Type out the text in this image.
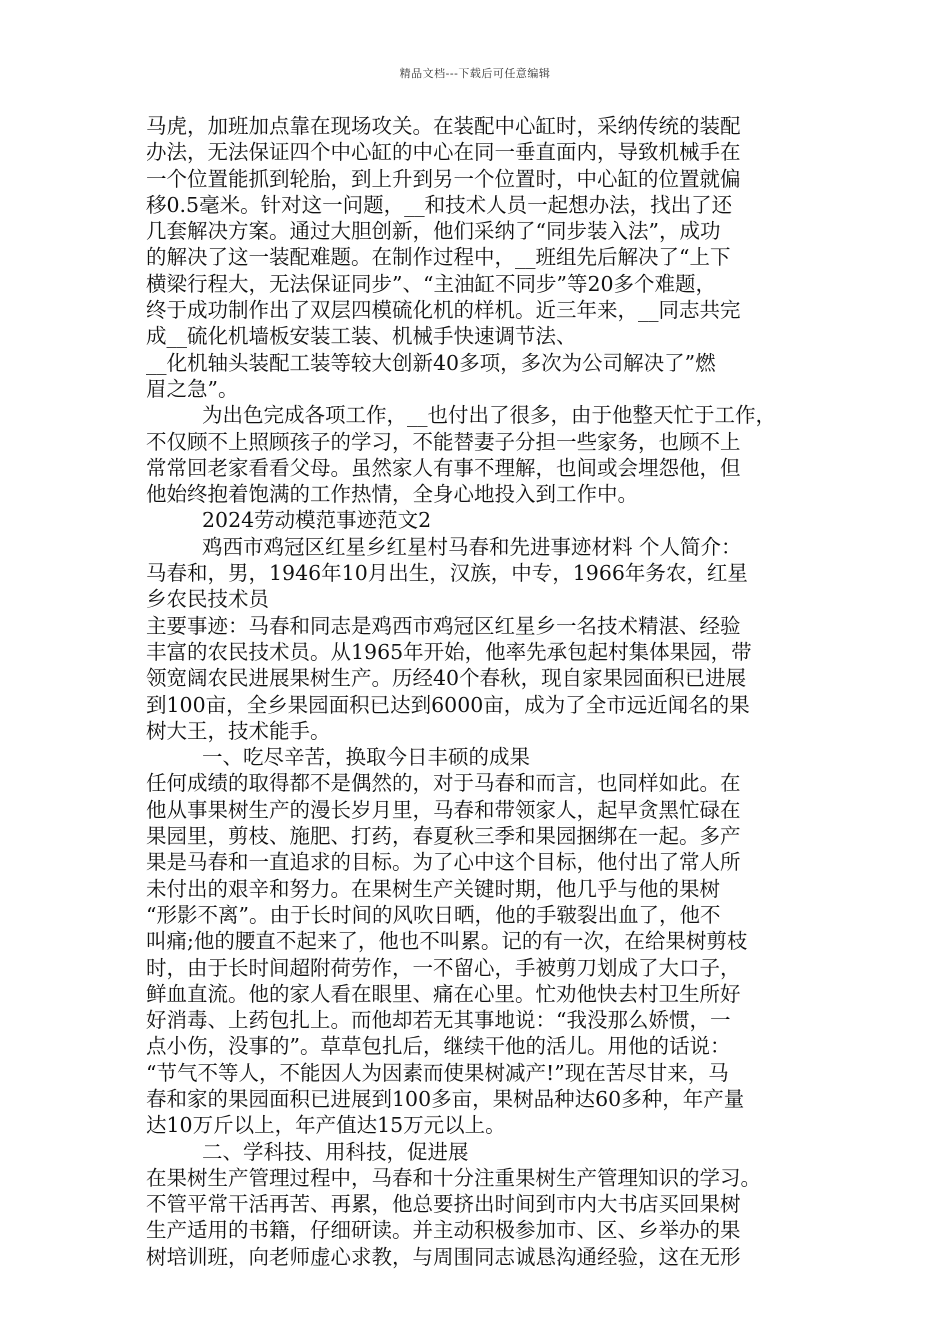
精品文档---下载后可任意编辑
马虎，加班加点靠在现场攻关。在装配中心缸时，采纳传统的装配
办法，无法保证四个中心缸的中心在同一垂直面内，导致机械手在
一个位置能抓到轮胎，到上升到另一个位置时，中心缸的位置就偏
移0.5毫米。针对这一问题，__和技术人员一起想办法，找出了还
几套解决方案。通过大胆创新，他们采纳了“同步装入法”，成功
的解决了这一装配难题。在制作过程中，__班组先后解决了“上下
横梁行程大，无法保证同步”、“主油缸不同步”等20多个难题，
终于成功制作出了双层四模硫化机的样机。近三年来，__同志共完
成__硫化机墙板安装工装、机械手快速调节法、
__化机轴头装配工装等较大创新40多项，多次为公司解决了”燃
眉之急”。
为出色完成各项工作，__也付出了很多，由于他整天忙于工作，
不仅顾不上照顾孩子的学习，不能替妻子分担一些家务，也顾不上
常常回老家看看父母。虽然家人有事不理解，也间或会埋怨他，但
他始终抱着饱满的工作热情，全身心地投入到工作中。
2024劳动模范事迹范文2
鸡西市鸡冠区红星乡红星村马春和先进事迹材料 个人简介：
马春和，男，1946年10月出生，汉族，中专，1966年务农，红星
乡农民技术员
主要事迹：马春和同志是鸡西市鸡冠区红星乡一名技术精湛、经验
丰富的农民技术员。从1965年开始，他率先承包起村集体果园，带
领宽阔农民进展果树生产。历经40个春秋，现自家果园面积已进展
到100亩，全乡果园面积已达到6000亩，成为了全市远近闻名的果
树大王，技术能手。
一、吃尽辛苦，换取今日丰硕的成果
任何成绩的取得都不是偶然的，对于马春和而言，也同样如此。在
他从事果树生产的漫长岁月里，马春和带领家人，起早贪黑忙碌在
果园里，剪枝、施肥、打药，春夏秋三季和果园捆绑在一起。多产
果是马春和一直追求的目标。为了心中这个目标，他付出了常人所
未付出的艰辛和努力。在果树生产关键时期，他几乎与他的果树
“形影不离”。由于长时间的风吹日晒，他的手皲裂出血了，他不
叫痛;他的腰直不起来了，他也不叫累。记的有一次，在给果树剪枝
时，由于长时间超附荷劳作，一不留心，手被剪刀划成了大口子，
鲜血直流。他的家人看在眼里、痛在心里。忙劝他快去村卫生所好
好消毒、上药包扎上。而他却若无其事地说：“我没那么娇惯，一
点小伤，没事的”。草草包扎后，继续干他的活儿。用他的话说：
“节气不等人，不能因人为因素而使果树减产!”现在苦尽甘来，马
春和家的果园面积已进展到100多亩，果树品种达60多种，年产量
达10万斤以上，年产值达15万元以上。
二、学科技、用科技，促进展
在果树生产管理过程中，马春和十分注重果树生产管理知识的学习。
不管平常干活再苦、再累，他总要挤出时间到市内大书店买回果树
生产适用的书籍，仔细研读。并主动积极参加市、区、乡举办的果
树培训班，向老师虚心求教，与周围同志诚恳沟通经验，这在无形
